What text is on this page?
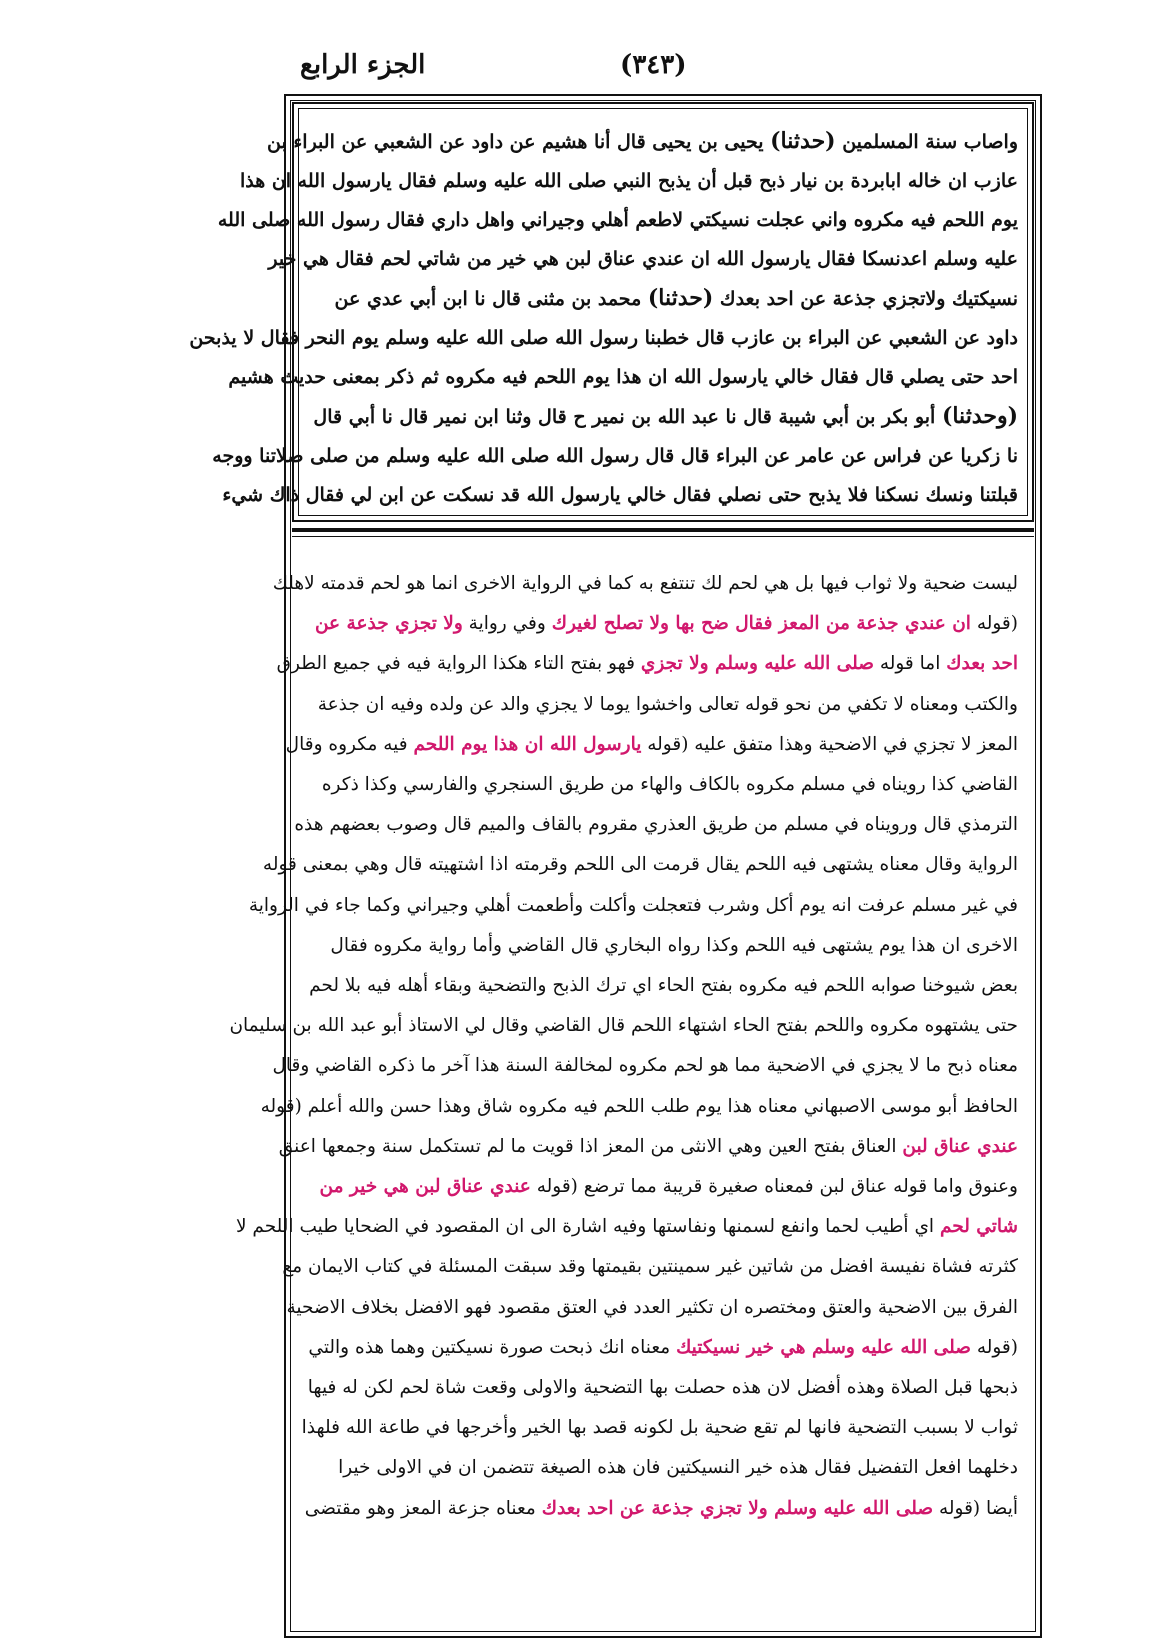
الجزء الرابع	(٣٤٣)
واصاب سنة المسلمين (حدثنا) يحيى بن يحيى قال أنا هشيم عن داود عن الشعبي عن البراء بن
عازب ان خاله ابابردة بن نيار ذبح قبل أن يذبح النبي صلى الله عليه وسلم فقال يارسول الله ان هذا
يوم اللحم فيه مكروه واني عجلت نسيكتي لاطعم أهلي وجيراني واهل داري فقال رسول الله صلى الله
عليه وسلم اعدنسكا فقال يارسول الله ان عندي عناق لبن هي خير من شاتي لحم فقال هي خير
نسيكتيك ولاتجزي جذعة عن احد بعدك (حدثنا) محمد بن مثنى قال نا ابن أبي عدي عن
داود عن الشعبي عن البراء بن عازب قال خطبنا رسول الله صلى الله عليه وسلم يوم النحر فقال لا يذبحن
احد حتى يصلي قال فقال خالي يارسول الله ان هذا يوم اللحم فيه مكروه ثم ذكر بمعنى حديث هشيم
(وحدثنا) أبو بكر بن أبي شيبة قال نا عبد الله بن نمير ح قال وثنا ابن نمير قال نا أبي قال
نا زكريا عن فراس عن عامر عن البراء قال قال رسول الله صلى الله عليه وسلم من صلى صلاتنا ووجه
قبلتنا ونسك نسكنا فلا يذبح حتى نصلي فقال خالي يارسول الله قد نسكت عن ابن لي فقال ذاك شيء
ليست ضحية ولا ثواب فيها بل هي لحم لك تنتفع به كما في الرواية الاخرى انما هو لحم قدمته لاهلك
(قوله ان عندي جذعة من المعز فقال ضح بها ولا تصلح لغيرك وفي رواية ولا تجزي جذعة عن
احد بعدك اما قوله صلى الله عليه وسلم ولا تجزي فهو بفتح التاء هكذا الرواية فيه في جميع الطرق
والكتب ومعناه لا تكفي من نحو قوله تعالى واخشوا يوما لا يجزي والد عن ولده وفيه ان جذعة
المعز لا تجزي في الاضحية وهذا متفق عليه (قوله يارسول الله ان هذا يوم اللحم فيه مكروه وقال
القاضي كذا رويناه في مسلم مكروه بالكاف والهاء من طريق السنجري والفارسي وكذا ذكره
الترمذي قال ورويناه في مسلم من طريق العذري مقروم بالقاف والميم قال وصوب بعضهم هذه
الرواية وقال معناه يشتهى فيه اللحم يقال قرمت الى اللحم وقرمته اذا اشتهيته قال وهي بمعنى قوله
في غير مسلم عرفت انه يوم أكل وشرب فتعجلت وأكلت وأطعمت أهلي وجيراني وكما جاء في الرواية
الاخرى ان هذا يوم يشتهى فيه اللحم وكذا رواه البخاري قال القاضي وأما رواية مكروه فقال
بعض شيوخنا صوابه اللحم فيه مكروه بفتح الحاء اي ترك الذبح والتضحية وبقاء أهله فيه بلا لحم
حتى يشتهوه مكروه واللحم بفتح الحاء اشتهاء اللحم قال القاضي وقال لي الاستاذ أبو عبد الله بن سليمان
معناه ذبح ما لا يجزي في الاضحية مما هو لحم مكروه لمخالفة السنة هذا آخر ما ذكره القاضي وقال
الحافظ أبو موسى الاصبهاني معناه هذا يوم طلب اللحم فيه مكروه شاق وهذا حسن والله أعلم (قوله
عندي عناق لبن العناق بفتح العين وهي الانثى من المعز اذا قويت ما لم تستكمل سنة وجمعها اعنق
وعنوق واما قوله عناق لبن فمعناه صغيرة قريبة مما ترضع (قوله عندي عناق لبن هي خير من
شاتي لحم اي أطيب لحما وانفع لسمنها ونفاستها وفيه اشارة الى ان المقصود في الضحايا طيب اللحم لا
كثرته فشاة نفيسة افضل من شاتين غير سمينتين بقيمتها وقد سبقت المسئلة في كتاب الايمان مع
الفرق بين الاضحية والعتق ومختصره ان تكثير العدد في العتق مقصود فهو الافضل بخلاف الاضحية
(قوله صلى الله عليه وسلم هي خير نسيكتيك معناه انك ذبحت صورة نسيكتين وهما هذه والتي
ذبحها قبل الصلاة وهذه أفضل لان هذه حصلت بها التضحية والاولى وقعت شاة لحم لكن له فيها
ثواب لا بسبب التضحية فانها لم تقع ضحية بل لكونه قصد بها الخير وأخرجها في طاعة الله فلهذا
دخلهما افعل التفضيل فقال هذه خير النسيكتين فان هذه الصيغة تتضمن ان في الاولى خيرا
أيضا (قوله صلى الله عليه وسلم ولا تجزي جذعة عن احد بعدك معناه جزعة المعز وهو مقتضى
